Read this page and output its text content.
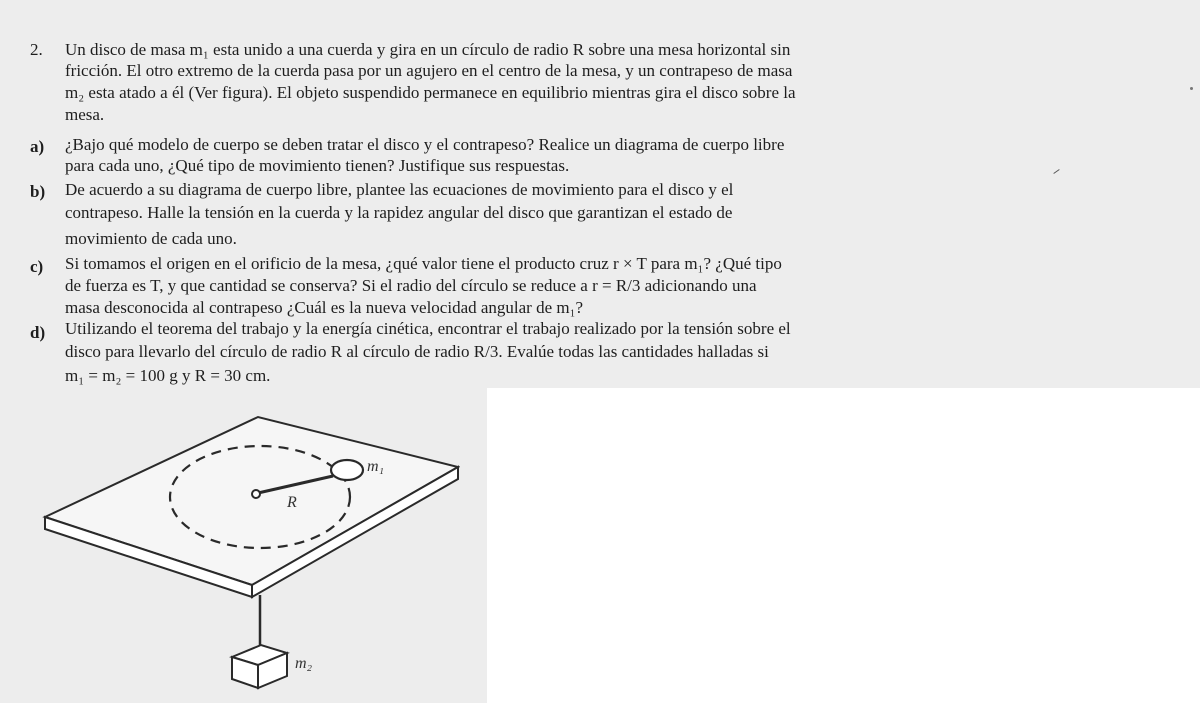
2. Un disco de masa m₁ esta unido a una cuerda y gira en un círculo de radio R sobre una mesa horizontal sin
fricción. El otro extremo de la cuerda pasa por un agujero en el centro de la mesa, y un contrapeso de masa
m₂ esta atado a él (Ver figura). El objeto suspendido permanece en equilibrio mientras gira el disco sobre la
mesa.
a) ¿Bajo qué modelo de cuerpo se deben tratar el disco y el contrapeso? Realice un diagrama de cuerpo libre
para cada uno, ¿Qué tipo de movimiento tienen? Justifique sus respuestas.
b) De acuerdo a su diagrama de cuerpo libre, plantee las ecuaciones de movimiento para el disco y el
contrapeso. Halle la tensión en la cuerda y la rapidez angular del disco que garantizan el estado de
movimiento de cada uno.
c) Si tomamos el origen en el orificio de la mesa, ¿qué valor tiene el producto cruz r × T para m₁? ¿Qué tipo
de fuerza es T, y que cantidad se conserva? Si el radio del círculo se reduce a r = R/3 adicionando una
masa desconocida al contrapeso ¿Cuál es la nueva velocidad angular de m₁?
d) Utilizando el teorema del trabajo y la energía cinética, encontrar el trabajo realizado por la tensión sobre el
disco para llevarlo del círculo de radio R al círculo de radio R/3. Evalúe todas las cantidades halladas si
m₁ = m₂ = 100 g y R = 30 cm.
m₁
R
m₂
